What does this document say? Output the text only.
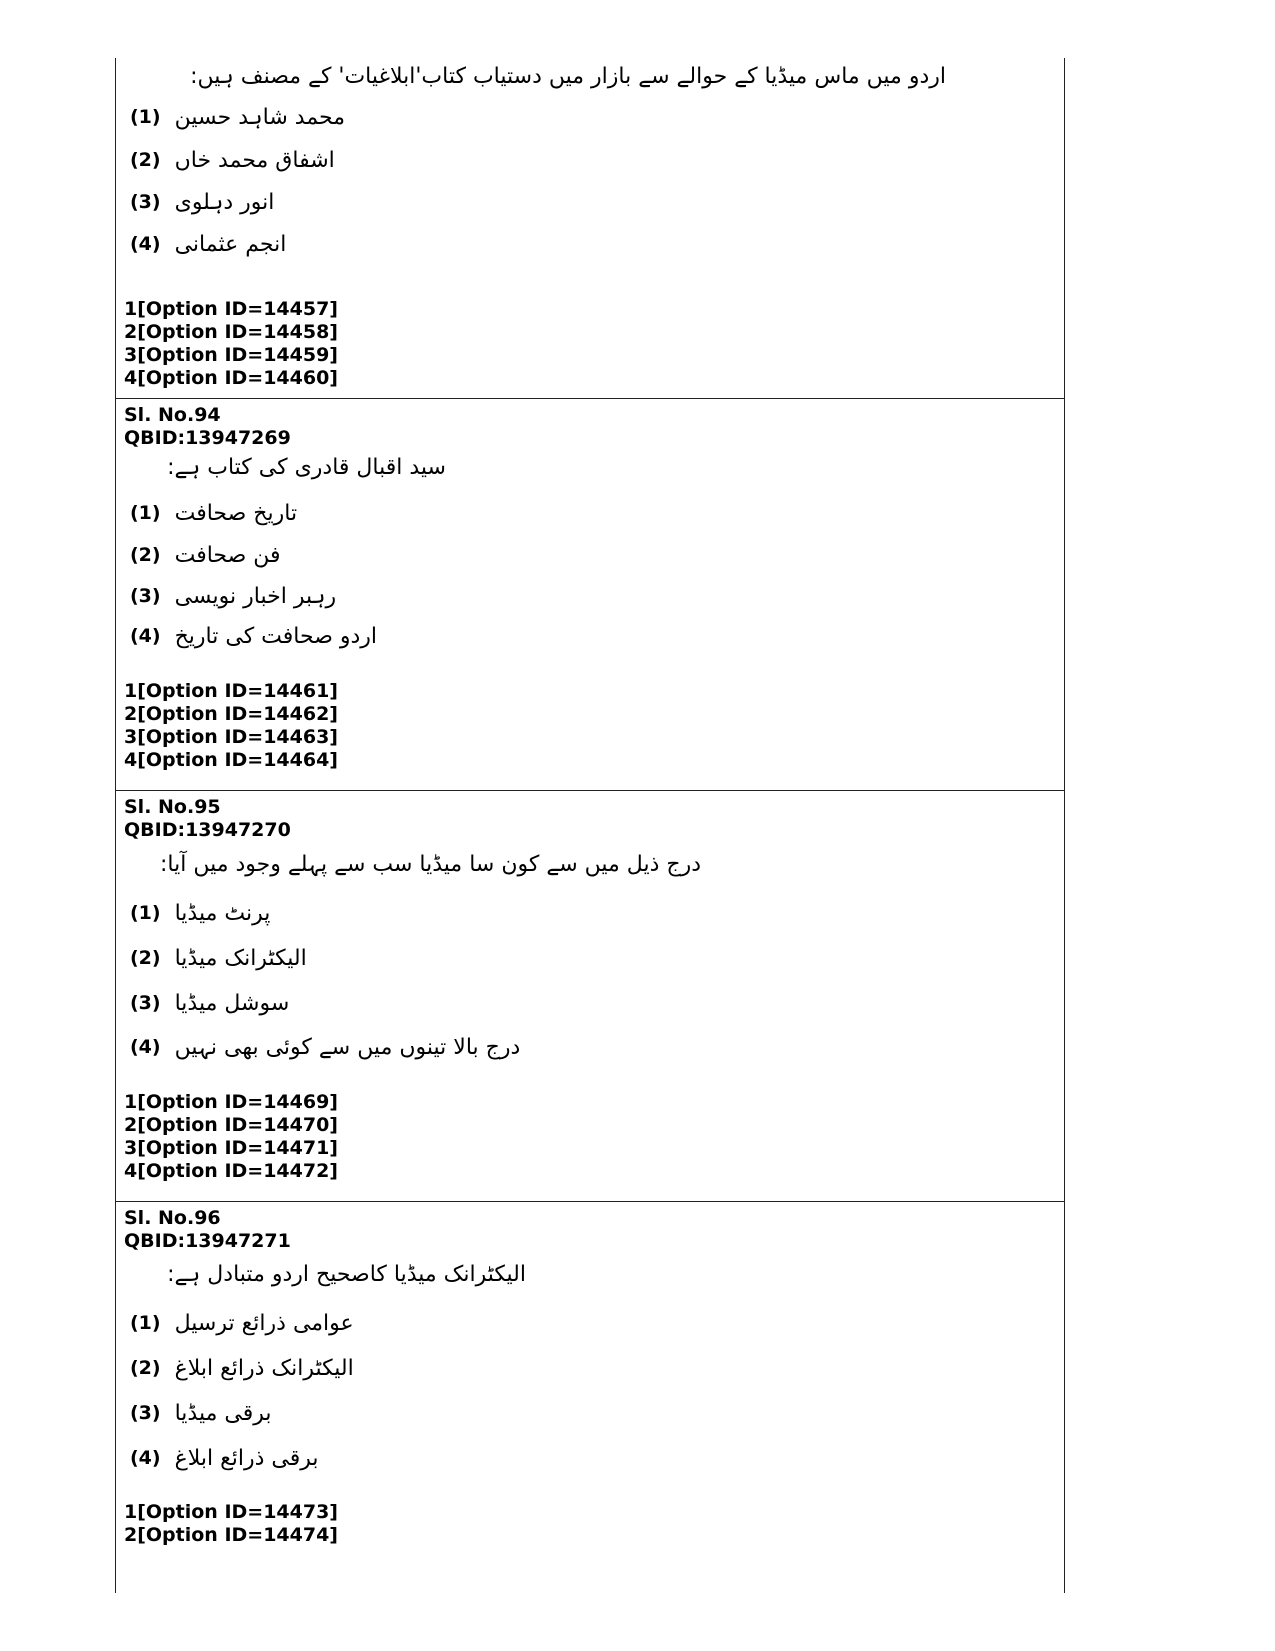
اردو میں ماس میڈیا کے حوالے سے بازار میں دستیاب کتاب'ابلاغیات' کے مصنف ہیں:
(1) محمد شاہد حسین
(2) اشفاق محمد خاں
(3) انور دہلوی
(4) انجم عثمانی
1[Option ID=14457]
2[Option ID=14458]
3[Option ID=14459]
4[Option ID=14460]
Sl. No.94
QBID:13947269
سید اقبال قادری کی کتاب ہے:
(1) تاریخ صحافت
(2) فن صحافت
(3) رہبر اخبار نویسی
(4) اردو صحافت کی تاریخ
1[Option ID=14461]
2[Option ID=14462]
3[Option ID=14463]
4[Option ID=14464]
Sl. No.95
QBID:13947270
درج ذیل میں سے کون سا میڈیا سب سے پہلے وجود میں آیا:
(1) پرنٹ میڈیا
(2) الیکٹرانک میڈیا
(3) سوشل میڈیا
(4) درج بالا تینوں میں سے کوئی بھی نہیں
1[Option ID=14469]
2[Option ID=14470]
3[Option ID=14471]
4[Option ID=14472]
Sl. No.96
QBID:13947271
الیکٹرانک میڈیا کاصحیح اردو متبادل ہے:
(1) عوامی ذرائع ترسیل
(2) الیکٹرانک ذرائع ابلاغ
(3) برقی میڈیا
(4) برقی ذرائع ابلاغ
1[Option ID=14473]
2[Option ID=14474]
